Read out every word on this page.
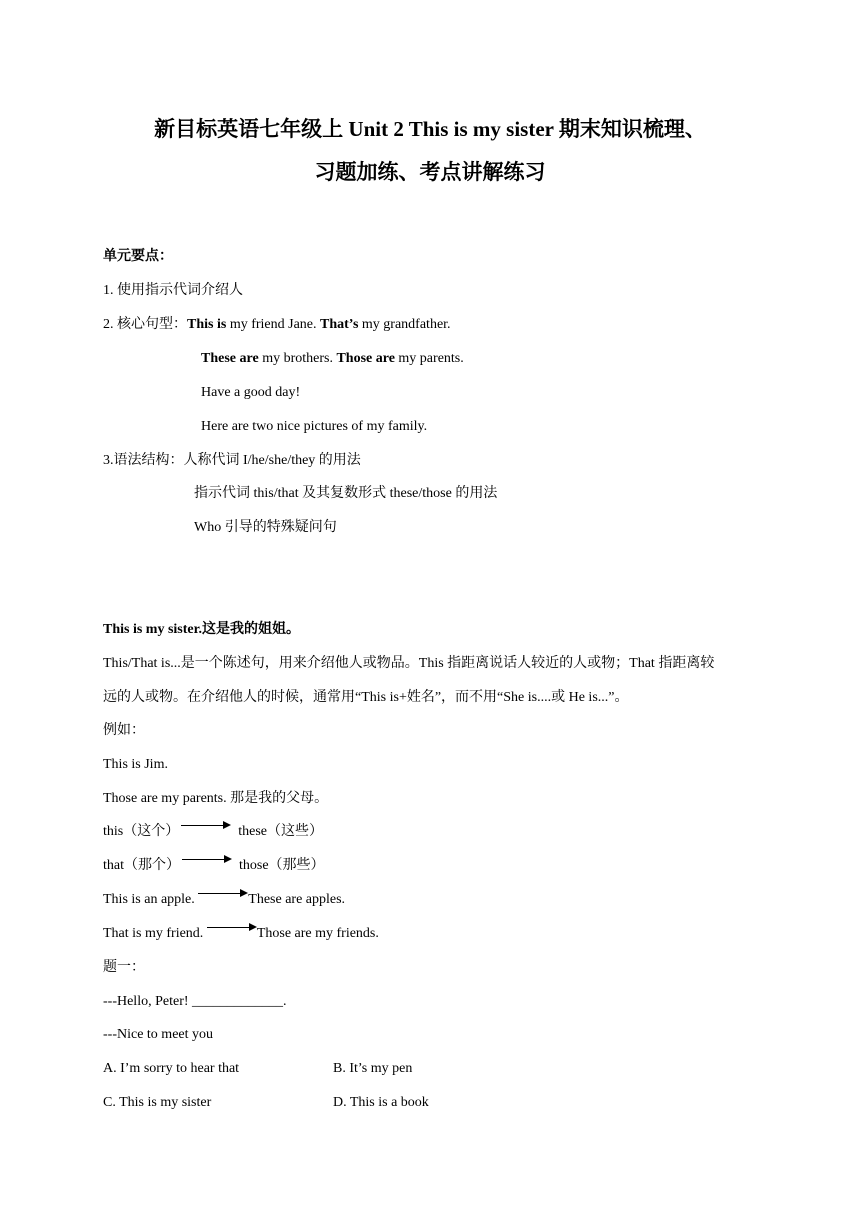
新目标英语七年级上 Unit 2 This is my sister 期末知识梳理、
习题加练、考点讲解练习
单元要点：
1. 使用指示代词介绍人
2. 核心句型：This is my friend Jane. That’s my grandfather.
These are my brothers. Those are my parents.
Have a good day!
Here are two nice pictures of my family.
3.语法结构：人称代词 I/he/she/they 的用法
指示代词 this/that 及其复数形式 these/those 的用法
Who 引导的特殊疑问句
This is my sister.这是我的姐姐。
This/That is...是一个陈述句，用来介绍他人或物品。This 指距离说话人较近的人或物；That 指距离较
远的人或物。在介绍他人的时候，通常用“This is+姓名”，而不用“She is....或 He is...”。
例如：
This is Jim.
Those are my parents. 那是我的父母。
this（这个）	these（这些）
that（那个）	those（那些）
This is an apple.	These are apples.
That is my friend.	Those are my friends.
题一：
---Hello, Peter! _____________.
---Nice to meet you
A. I’m sorry to hear that	B. It’s my pen
C. This is my sister	D. This is a book
